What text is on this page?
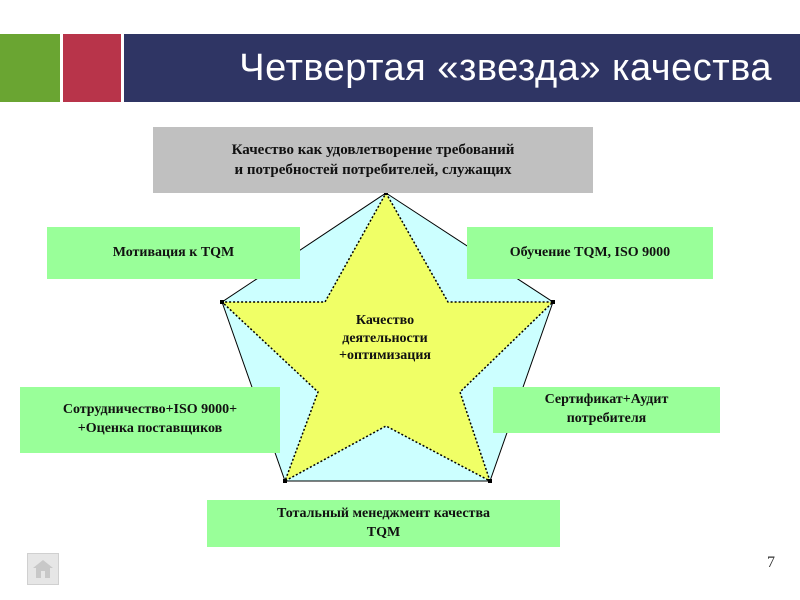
Четвертая «звезда» качества
Качество как удовлетворение требований
и потребностей потребителей, служащих
Мотивация к TQM	Обучение TQM, ISO 9000
Сотрудничество+ISO 9000+
+Оценка поставщиков
Сертификат+Аудит
потребителя
Тотальный менеджмент качества
TQM
Качество
деятельности
+оптимизация
7
